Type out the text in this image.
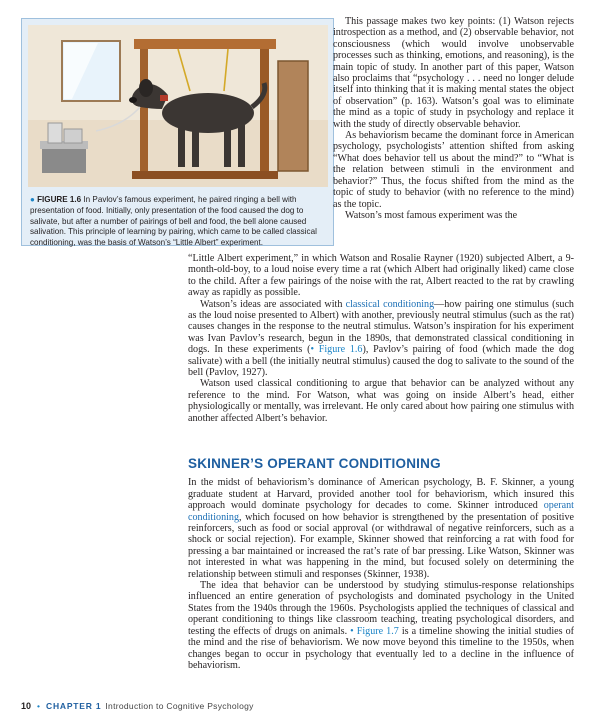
● FIGURE 1.6 In Pavlov’s famous experiment, he paired ringing a bell with presentation of food. Initially, only presentation of the food caused the dog to salivate, but after a number of pairings of bell and food, the bell alone caused salivation. This principle of learning by pairing, which came to be called classical conditioning, was the basis of Watson’s “Little Albert” experiment.

This passage makes two key points: (1) Watson rejects introspection as a method, and (2) observable behavior, not consciousness (which would involve unobservable processes such as thinking, emotions, and reasoning), is the main topic of study. In another part of this paper, Watson also proclaims that “psychology . . . need no longer delude itself into thinking that it is making mental states the object of observation” (p. 163). Watson’s goal was to eliminate the mind as a topic of study in psychology and replace it with the study of directly observable behavior.

As behaviorism became the dominant force in American psychology, psychologists’ attention shifted from asking “What does behavior tell us about the mind?” to “What is the relation between stimuli in the environment and behavior?” Thus, the focus shifted from the mind as the topic of study to behavior (with no reference to the mind) as the topic.

Watson’s most famous experiment was the

“Little Albert experiment,” in which Watson and Rosalie Rayner (1920) subjected Albert, a 9-month-old-boy, to a loud noise every time a rat (which Albert had originally liked) came close to the child. After a few pairings of the noise with the rat, Albert reacted to the rat by crawling away as rapidly as possible.

Watson’s ideas are associated with classical conditioning—how pairing one stimulus (such as the loud noise presented to Albert) with another, previously neutral stimulus (such as the rat) causes changes in the response to the neutral stimulus. Watson’s inspiration for his experiment was Ivan Pavlov’s research, begun in the 1890s, that demonstrated classical conditioning in dogs. In these experiments (• Figure 1.6), Pavlov’s pairing of food (which made the dog salivate) with a bell (the initially neutral stimulus) caused the dog to salivate to the sound of the bell (Pavlov, 1927).

Watson used classical conditioning to argue that behavior can be analyzed without any reference to the mind. For Watson, what was going on inside Albert’s head, either physiologically or mentally, was irrelevant. He only cared about how pairing one stimulus with another affected Albert’s behavior.

SKINNER’S OPERANT CONDITIONING

In the midst of behaviorism’s dominance of American psychology, B. F. Skinner, a young graduate student at Harvard, provided another tool for behaviorism, which insured this approach would dominate psychology for decades to come. Skinner introduced operant conditioning, which focused on how behavior is strengthened by the presentation of positive reinforcers, such as food or social approval (or withdrawal of negative reinforcers, such as a shock or social rejection). For example, Skinner showed that reinforcing a rat with food for pressing a bar maintained or increased the rat’s rate of bar pressing. Like Watson, Skinner was not interested in what was happening in the mind, but focused solely on determining the relationship between stimuli and responses (Skinner, 1938).

The idea that behavior can be understood by studying stimulus-response relationships influenced an entire generation of psychologists and dominated psychology in the United States from the 1940s through the 1960s. Psychologists applied the techniques of classical and operant conditioning to things like classroom teaching, treating psychological disorders, and testing the effects of drugs on animals. • Figure 1.7 is a timeline showing the initial studies of the mind and the rise of behaviorism. We now move beyond this timeline to the 1950s, when changes began to occur in psychology that eventually led to a decline in the influence of behaviorism.

10 • CHAPTER 1 Introduction to Cognitive Psychology
